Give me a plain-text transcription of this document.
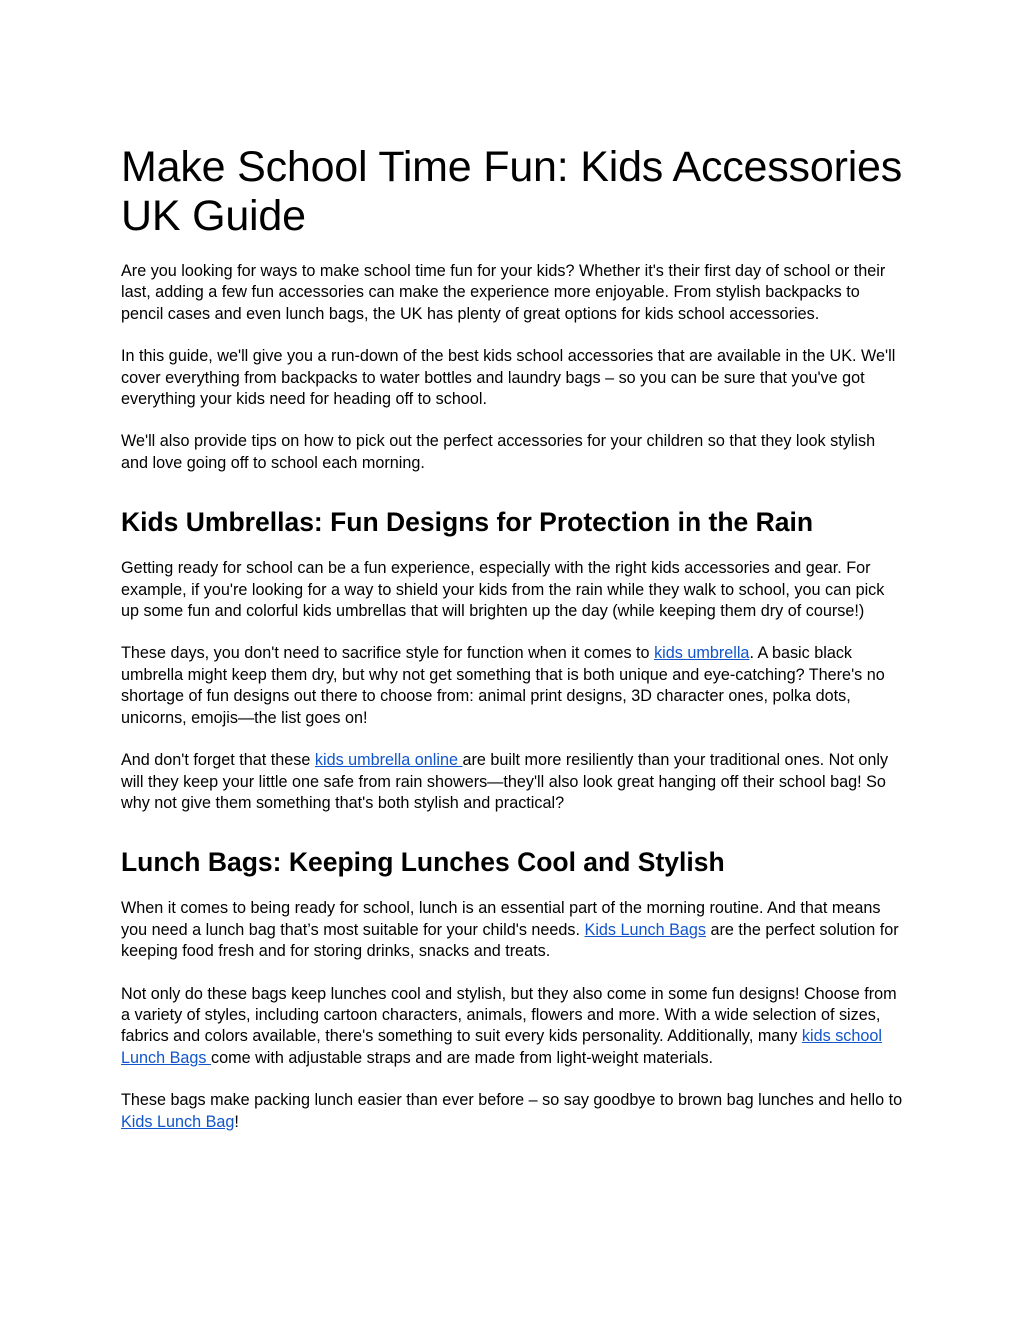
Make School Time Fun: Kids Accessories UK Guide

Are you looking for ways to make school time fun for your kids? Whether it's their first day of school or their last, adding a few fun accessories can make the experience more enjoyable. From stylish backpacks to pencil cases and even lunch bags, the UK has plenty of great options for kids school accessories.

In this guide, we'll give you a run-down of the best kids school accessories that are available in the UK. We'll cover everything from backpacks to water bottles and laundry bags – so you can be sure that you've got everything your kids need for heading off to school.

We'll also provide tips on how to pick out the perfect accessories for your children so that they look stylish and love going off to school each morning.

Kids Umbrellas: Fun Designs for Protection in the Rain

Getting ready for school can be a fun experience, especially with the right kids accessories and gear. For example, if you're looking for a way to shield your kids from the rain while they walk to school, you can pick up some fun and colorful kids umbrellas that will brighten up the day (while keeping them dry of course!)

These days, you don't need to sacrifice style for function when it comes to kids umbrella. A basic black umbrella might keep them dry, but why not get something that is both unique and eye-catching? There's no shortage of fun designs out there to choose from: animal print designs, 3D character ones, polka dots, unicorns, emojis—the list goes on!

And don't forget that these kids umbrella online are built more resiliently than your traditional ones. Not only will they keep your little one safe from rain showers—they'll also look great hanging off their school bag! So why not give them something that's both stylish and practical?

Lunch Bags: Keeping Lunches Cool and Stylish

When it comes to being ready for school, lunch is an essential part of the morning routine. And that means you need a lunch bag that’s most suitable for your child's needs. Kids Lunch Bags are the perfect solution for keeping food fresh and for storing drinks, snacks and treats.

Not only do these bags keep lunches cool and stylish, but they also come in some fun designs! Choose from a variety of styles, including cartoon characters, animals, flowers and more. With a wide selection of sizes, fabrics and colors available, there's something to suit every kids personality. Additionally, many kids school Lunch Bags come with adjustable straps and are made from light-weight materials.

These bags make packing lunch easier than ever before – so say goodbye to brown bag lunches and hello to Kids Lunch Bag!
